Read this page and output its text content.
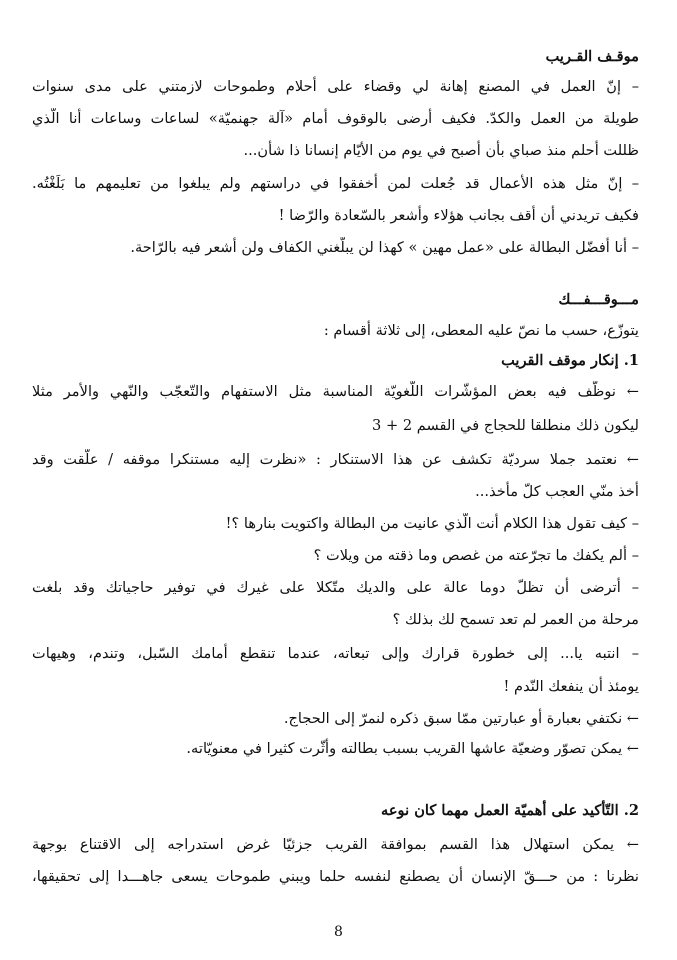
موقـف القـريب

– إنّ العمل في المصنع إهانة لي وقضاء على أحلام وطموحات لازمتني على مدى سنوات

طويلة من العمل والكدّ. فكيف أرضى بالوقوف أمام «آلة جهنميّة» لساعات وساعات أنا الّذي

ظللت أحلم منذ صباي بأن أصبح في يوم من الأيّام إنسانا ذا شأن...

– إنّ مثل هذه الأعمال قد جُعلت لمن أخفقوا في دراستهم ولم يبلغوا من تعليمهم ما بَلَغْتُه.

فكيف تريدني أن أقف بجانب هؤلاء وأشعر بالسّعادة والرّضا !

– أنا أفضّل البطالة على «عمل مهين » كهذا لن يبلّغني الكفاف ولن أشعر فيه بالرّاحة.

مـــوقـــفـــك

يتوزّع، حسب ما نصّ عليه المعطى، إلى ثلاثة أقسام :

1. إنكار موقف القريب

← نوظّف فيه بعض المؤشّرات اللّغويّة المناسبة مثل الاستفهام والتّعجّب والنّهي والأمر مثلا

ليكون ذلك منطلقا للحجاج في القسم 2 + 3

← نعتمد جملا سرديّة تكشف عن هذا الاستنكار : «نظرت إليه مستنكرا موقفه / علّقت وقد

أخذ منّي العجب كلّ مأخذ...

– كيف تقول هذا الكلام أنت الّذي عانيت من البطالة واكتويت بنارها ؟!

– ألم يكفك ما تجرّعته من غصص وما ذقته من ويلات ؟

– أترضى أن تظلّ دوما عالة على والديك متّكلا على غيرك في توفير حاجياتك وقد بلغت

مرحلة من العمر لم تعد تسمح لك بذلك ؟

– انتبه يا... إلى خطورة قرارك وإلى تبعاته، عندما تنقطع أمامك السّبل، وتندم، وهيهات

يومئذ أن ينفعك النّدم !

← نكتفي بعبارة أو عبارتين ممّا سبق ذكره لنمرّ إلى الحجاج.

← يمكن تصوّر وضعيّة عاشها القريب بسبب بطالته وأثّرت كثيرا في معنويّاته.

2. التّأكيد على أهميّة العمل مهما كان نوعه

← يمكن استهلال هذا القسم بموافقة القريب جزئيّا غرض استدراجه إلى الاقتناع بوجهة

نظرنا : من حـــقّ الإنسان أن يصطنع لنفسه حلما ويبني طموحات يسعى جاهـــدا إلى تحقيقها،

8
